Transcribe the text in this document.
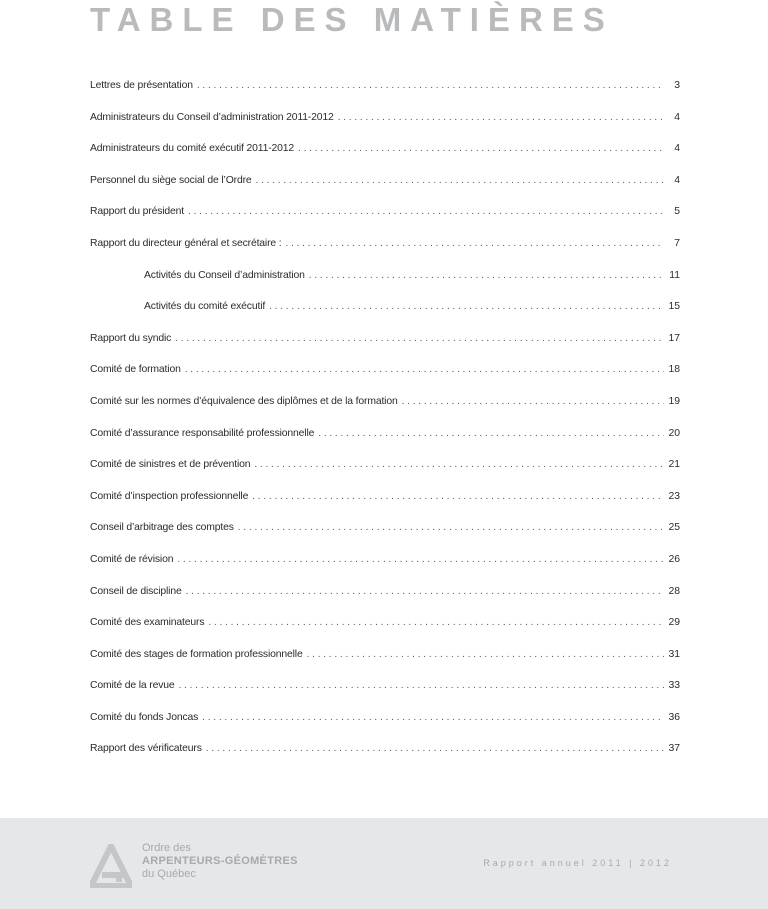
TABLE DES MATIÈRES
Lettres de présentation . . .	3
Administrateurs du Conseil d’administration 2011-2012 . . .	4
Administrateurs du comité exécutif 2011-2012 . . .	4
Personnel du siège social de l’Ordre . . .	4
Rapport du président . . .	5
Rapport du directeur général et secrétaire : . . .	7
Activités du Conseil d’administration . . .	11
Activités du comité exécutif . . .	15
Rapport du syndic . . .	17
Comité de formation . . .	18
Comité sur les normes d’équivalence des diplômes et de la formation . . .	19
Comité d’assurance responsabilité professionnelle . . .	20
Comité de sinistres et de prévention . . .	21
Comité d’inspection professionnelle . . .	23
Conseil d’arbitrage des comptes . . .	25
Comité de révision . . .	26
Conseil de discipline . . .	28
Comité des examinateurs . . .	29
Comité des stages de formation professionnelle . . .	31
Comité de la revue . . .	33
Comité du fonds Joncas . . .	36
Rapport des vérificateurs . . .	37
Ordre des
ARPENTEURS-GÉOMÈTRES
du Québec
Rapport annuel 2011 | 2012
